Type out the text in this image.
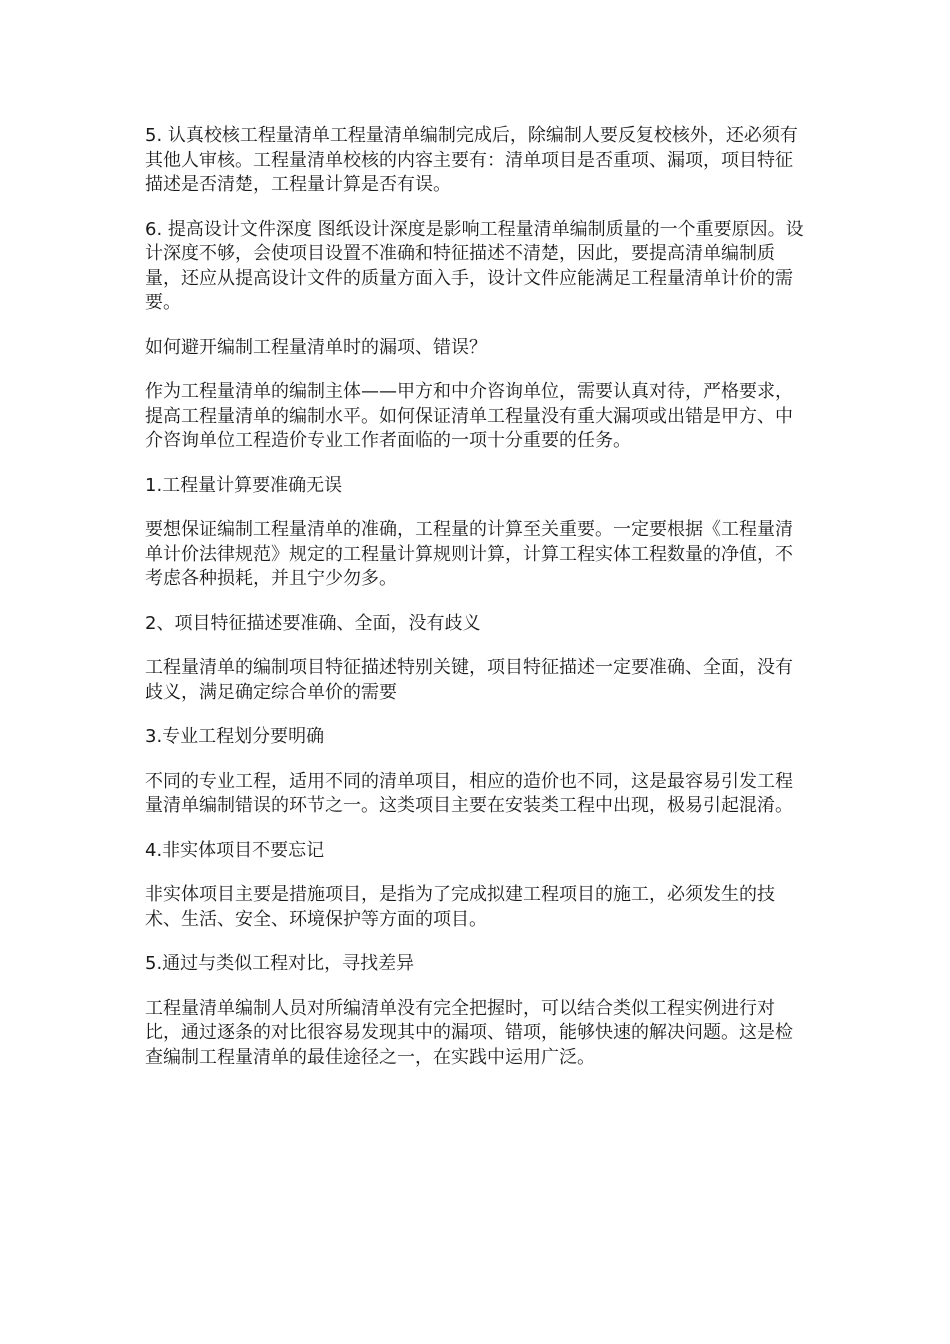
5. 认真校核工程量清单工程量清单编制完成后，除编制人要反复校核外，还必须有其他人审核。工程量清单校核的内容主要有：清单项目是否重项、漏项，项目特征描述是否清楚，工程量计算是否有误。

6. 提高设计文件深度 图纸设计深度是影响工程量清单编制质量的一个重要原因。设计深度不够，会使项目设置不准确和特征描述不清楚，因此，要提高清单编制质量，还应从提高设计文件的质量方面入手，设计文件应能满足工程量清单计价的需要。

如何避开编制工程量清单时的漏项、错误？

作为工程量清单的编制主体——甲方和中介咨询单位，需要认真对待，严格要求，提高工程量清单的编制水平。如何保证清单工程量没有重大漏项或出错是甲方、中介咨询单位工程造价专业工作者面临的一项十分重要的任务。

1.工程量计算要准确无误

要想保证编制工程量清单的准确，工程量的计算至关重要。一定要根据《工程量清单计价法律规范》规定的工程量计算规则计算，计算工程实体工程数量的净值，不考虑各种损耗，并且宁少勿多。

2、项目特征描述要准确、全面，没有歧义

工程量清单的编制项目特征描述特别关键，项目特征描述一定要准确、全面，没有歧义，满足确定综合单价的需要

3.专业工程划分要明确

不同的专业工程，适用不同的清单项目，相应的造价也不同，这是最容易引发工程量清单编制错误的环节之一。这类项目主要在安装类工程中出现，极易引起混淆。

4.非实体项目不要忘记

非实体项目主要是措施项目，是指为了完成拟建工程项目的施工，必须发生的技术、生活、安全、环境保护等方面的项目。

5.通过与类似工程对比，寻找差异

工程量清单编制人员对所编清单没有完全把握时，可以结合类似工程实例进行对比，通过逐条的对比很容易发现其中的漏项、错项，能够快速的解决问题。这是检查编制工程量清单的最佳途径之一，在实践中运用广泛。
